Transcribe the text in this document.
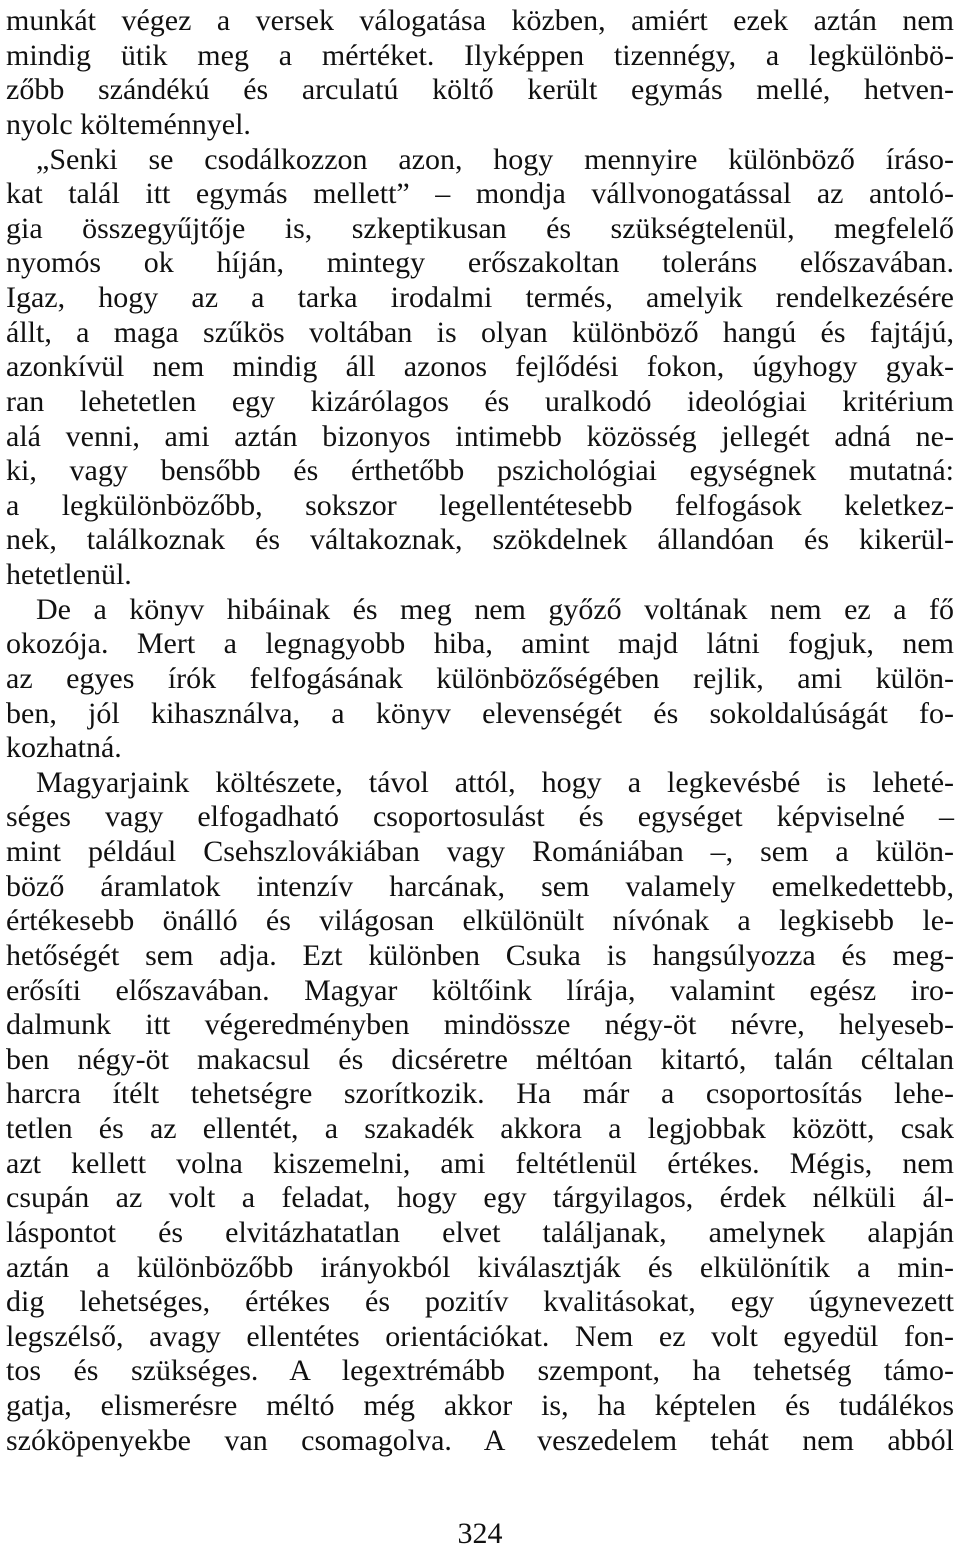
munkát végez a versek válogatása közben, amiért ezek aztán nem
mindig ütik meg a mértéket. Ilyképpen tizennégy, a legkülönbö-
zőbb szándékú és arculatú költő került egymás mellé, hetven-
nyolc költeménnyel.
„Senki se csodálkozzon azon, hogy mennyire különböző íráso-
kat talál itt egymás mellett” – mondja vállvonogatással az antoló-
gia összegyűjtője is, szkeptikusan és szükségtelenül, megfelelő
nyomós ok híján, mintegy erőszakoltan toleráns előszavában.
Igaz, hogy az a tarka irodalmi termés, amelyik rendelkezésére
állt, a maga szűkös voltában is olyan különböző hangú és fajtájú,
azonkívül nem mindig áll azonos fejlődési fokon, úgyhogy gyak-
ran lehetetlen egy kizárólagos és uralkodó ideológiai kritérium
alá venni, ami aztán bizonyos intimebb közösség jellegét adná ne-
ki, vagy bensőbb és érthetőbb pszichológiai egységnek mutatná:
a legkülönbözőbb, sokszor legellentétesebb felfogások keletkez-
nek, találkoznak és váltakoznak, szökdelnek állandóan és kikerül-
hetetlenül.
De a könyv hibáinak és meg nem győző voltának nem ez a fő
okozója. Mert a legnagyobb hiba, amint majd látni fogjuk, nem
az egyes írók felfogásának különbözőségében rejlik, ami külön-
ben, jól kihasználva, a könyv elevenségét és sokoldalúságát fo-
kozhatná.
Magyarjaink költészete, távol attól, hogy a legkevésbé is leheté-
séges vagy elfogadható csoportosulást és egységet képviselné –
mint például Csehszlovákiában vagy Romániában –, sem a külön-
böző áramlatok intenzív harcának, sem valamely emelkedettebb,
értékesebb önálló és világosan elkülönült nívónak a legkisebb le-
hetőségét sem adja. Ezt különben Csuka is hangsúlyozza és meg-
erősíti előszavában. Magyar költőink lírája, valamint egész iro-
dalmunk itt végeredményben mindössze négy-öt névre, helyeseb-
ben négy-öt makacsul és dicséretre méltóan kitartó, talán céltalan
harcra ítélt tehetségre szorítkozik. Ha már a csoportosítás lehe-
tetlen és az ellentét, a szakadék akkora a legjobbak között, csak
azt kellett volna kiszemelni, ami feltétlenül értékes. Mégis, nem
csupán az volt a feladat, hogy egy tárgyilagos, érdek nélküli ál-
láspontot és elvitázhatatlan elvet találjanak, amelynek alapján
aztán a különbözőbb irányokból kiválasztják és elkülönítik a min-
dig lehetséges, értékes és pozitív kvalitásokat, egy úgynevezett
legszélső, avagy ellentétes orientációkat. Nem ez volt egyedül fon-
tos és szükséges. A legextrémább szempont, ha tehetség támo-
gatja, elismerésre méltó még akkor is, ha képtelen és tudálékos
szóköpenyekbe van csomagolva. A veszedelem tehát nem abból
324
